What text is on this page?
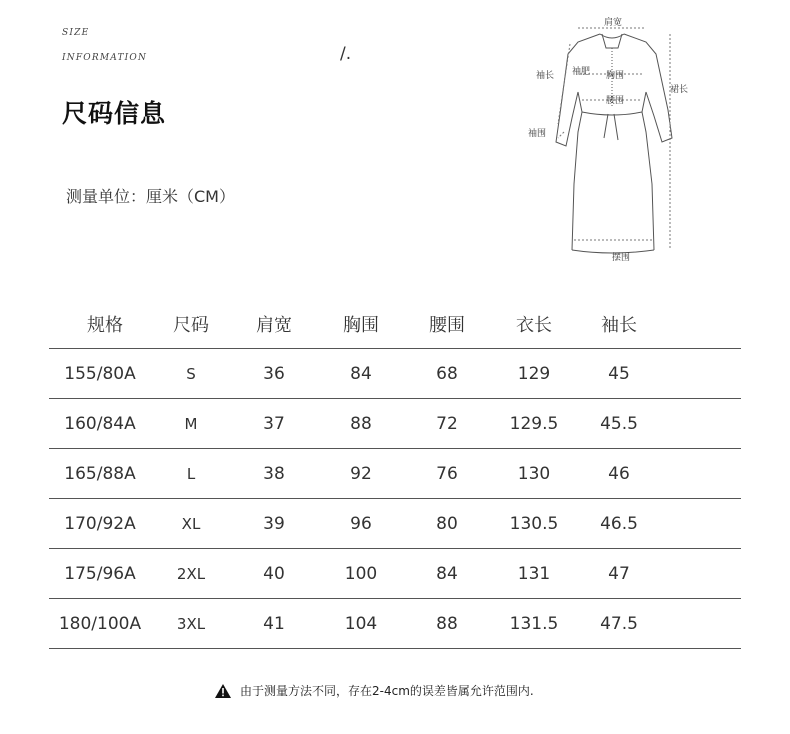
SIZE
INFORMATION	/.
尺码信息
测量单位：厘米（CM）
肩宽
袖长 袖肥 胸围
腰围
裙长
袖围
摆围
规格	尺码	肩宽	胸围	腰围	衣长	袖长	
155/80A	S	36	84	68	129	45	
160/84A	M	37	88	72	129.5	45.5	
165/88A	L	38	92	76	130	46	
170/92A	XL	39	96	80	130.5	46.5	
175/96A	2XL	40	100	84	131	47	
180/100A	3XL	41	104	88	131.5	47.5	
由于测量方法不同，存在2-4cm的误差皆属允许范围内.
